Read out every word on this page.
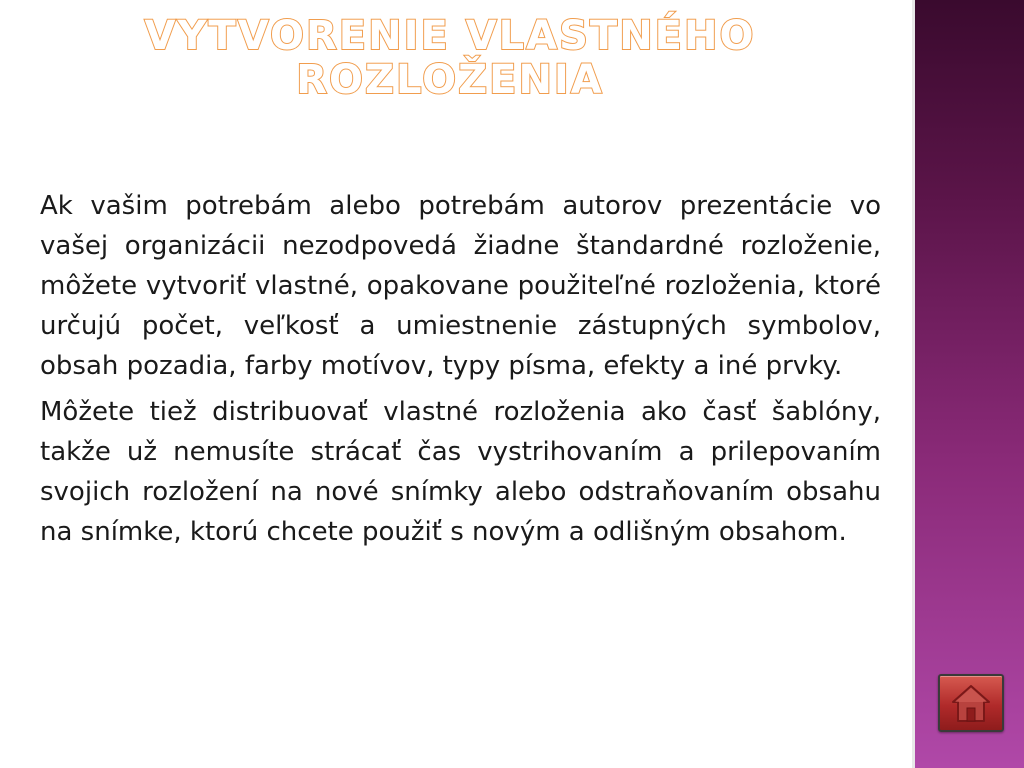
VYTVORENIE VLASTNÉHO
ROZLOŽENIA

Ak vašim potrebám alebo potrebám autorov prezentácie vo vašej organizácii nezodpovedá žiadne štandardné rozloženie, môžete vytvoriť vlastné, opakovane použiteľné rozloženia, ktoré určujú počet, veľkosť a umiestnenie zástupných symbolov, obsah pozadia, farby motívov, typy písma, efekty a iné prvky.

Môžete tiež distribuovať vlastné rozloženia ako časť šablóny, takže už nemusíte strácať čas vystrihovaním a prilepovaním svojich rozložení na nové snímky alebo odstraňovaním obsahu na snímke, ktorú chcete použiť s novým a odlišným obsahom.
